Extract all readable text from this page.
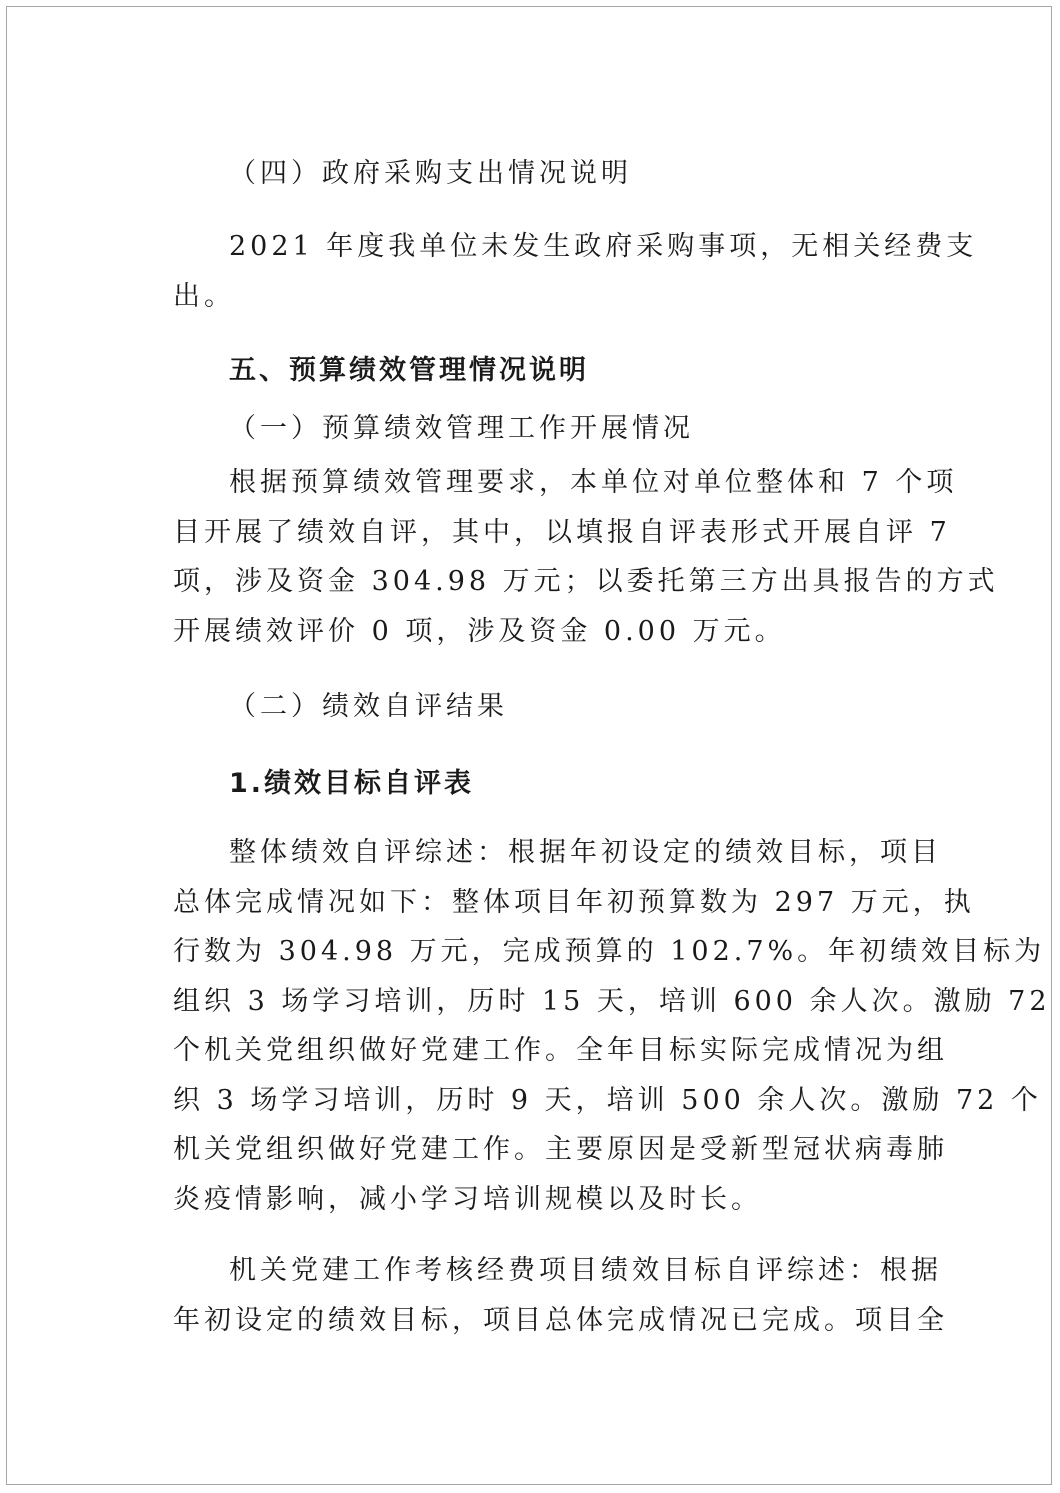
（四）政府采购支出情况说明

2021 年度我单位未发生政府采购事项，无相关经费支
出。

五、预算绩效管理情况说明

（一）预算绩效管理工作开展情况

根据预算绩效管理要求，本单位对单位整体和 7 个项
目开展了绩效自评，其中，以填报自评表形式开展自评 7
项，涉及资金 304.98 万元；以委托第三方出具报告的方式
开展绩效评价 0 项，涉及资金 0.00 万元。

（二）绩效自评结果

1.绩效目标自评表

整体绩效自评综述：根据年初设定的绩效目标，项目
总体完成情况如下：整体项目年初预算数为 297 万元，执
行数为 304.98 万元，完成预算的 102.7%。年初绩效目标为
组织 3 场学习培训，历时 15 天，培训 600 余人次。激励 72
个机关党组织做好党建工作。全年目标实际完成情况为组
织 3 场学习培训，历时 9 天，培训 500 余人次。激励 72 个
机关党组织做好党建工作。主要原因是受新型冠状病毒肺
炎疫情影响，减小学习培训规模以及时长。
机关党建工作考核经费项目绩效目标自评综述：根据
年初设定的绩效目标，项目总体完成情况已完成。项目全
